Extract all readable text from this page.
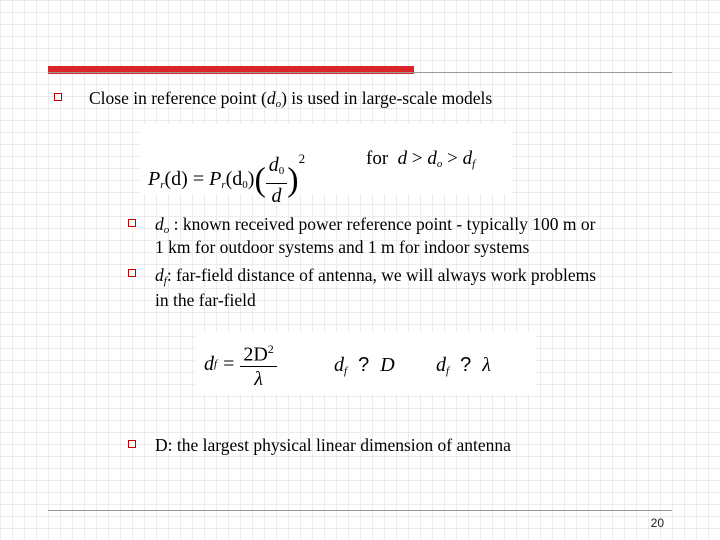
Close in reference point $(d_o)$ is used in large-scale models
$P_r(d) = P_r(d_0)( \frac{d_0}{d} )^2$	for $d > d_o > d_f$
$d_o$ : known received power reference point - typically 100 m or
1 km for outdoor systems and 1 m for indoor systems
$d_f$: far-field distance of antenna, we will always work problems
in the far-field
d $f = \frac{2D^2}{\lambda}$	$d_f$ ? D $d_f$ ? λ
D: the largest physical linear dimension of antenna
20
